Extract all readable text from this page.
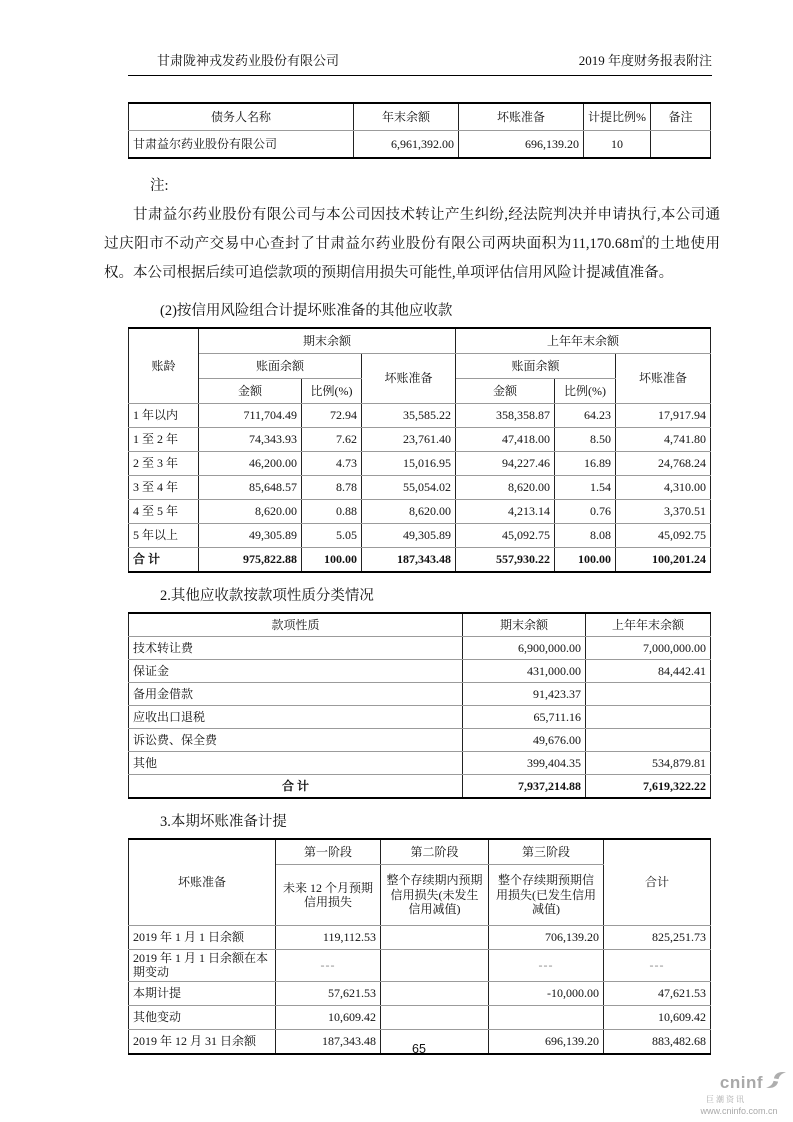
甘肃陇神戎发药业股份有限公司	2019 年度财务报表附注
债务人名称	年末余额	坏账准备	计提比例%	备注
甘肃益尔药业股份有限公司	6,961,392.00	696,139.20	10	
注:
甘肃益尔药业股份有限公司与本公司因技术转让产生纠纷,经法院判决并申请执行,本公司通过庆阳市不动产交易中心查封了甘肃益尔药业股份有限公司两块面积为11,170.68㎡的土地使用权。本公司根据后续可追偿款项的预期信用损失可能性,单项评估信用风险计提减值准备。
(2)按信用风险组合计提坏账准备的其他应收款
账龄	期末余额			上年年末余额		
	账面余额		坏账准备	账面余额		坏账准备
	金额	比例(%)		金额	比例(%)	
1 年以内	711,704.49	72.94	35,585.22	358,358.87	64.23	17,917.94
1 至 2 年	74,343.93	7.62	23,761.40	47,418.00	8.50	4,741.80
2 至 3 年	46,200.00	4.73	15,016.95	94,227.46	16.89	24,768.24
3 至 4 年	85,648.57	8.78	55,054.02	8,620.00	1.54	4,310.00
4 至 5 年	8,620.00	0.88	8,620.00	4,213.14	0.76	3,370.51
5 年以上	49,305.89	5.05	49,305.89	45,092.75	8.08	45,092.75
合 计	975,822.88	100.00	187,343.48	557,930.22	100.00	100,201.24
2.其他应收款按款项性质分类情况
款项性质	期末余额	上年年末余额
技术转让费	6,900,000.00	7,000,000.00
保证金	431,000.00	84,442.41
备用金借款	91,423.37	
应收出口退税	65,711.16	
诉讼费、保全费	49,676.00	
其他	399,404.35	534,879.81
合 计	7,937,214.88	7,619,322.22
3.本期坏账准备计提
坏账准备	第一阶段	第二阶段	第三阶段	合计
	未来 12 个月预期信用损失	整个存续期内预期信用损失(未发生信用减值)	整个存续期预期信用损失(已发生信用减值)	
2019 年 1 月 1 日余额	119,112.53		706,139.20	825,251.73
2019 年 1 月 1 日余额在本期变动	---		---	---
本期计提	57,621.53		-10,000.00	47,621.53
其他变动	10,609.42			10,609.42
2019 年 12 月 31 日余额	187,343.48		696,139.20	883,482.68
65
cninf
巨潮资讯
www.cninfo.com.cn
